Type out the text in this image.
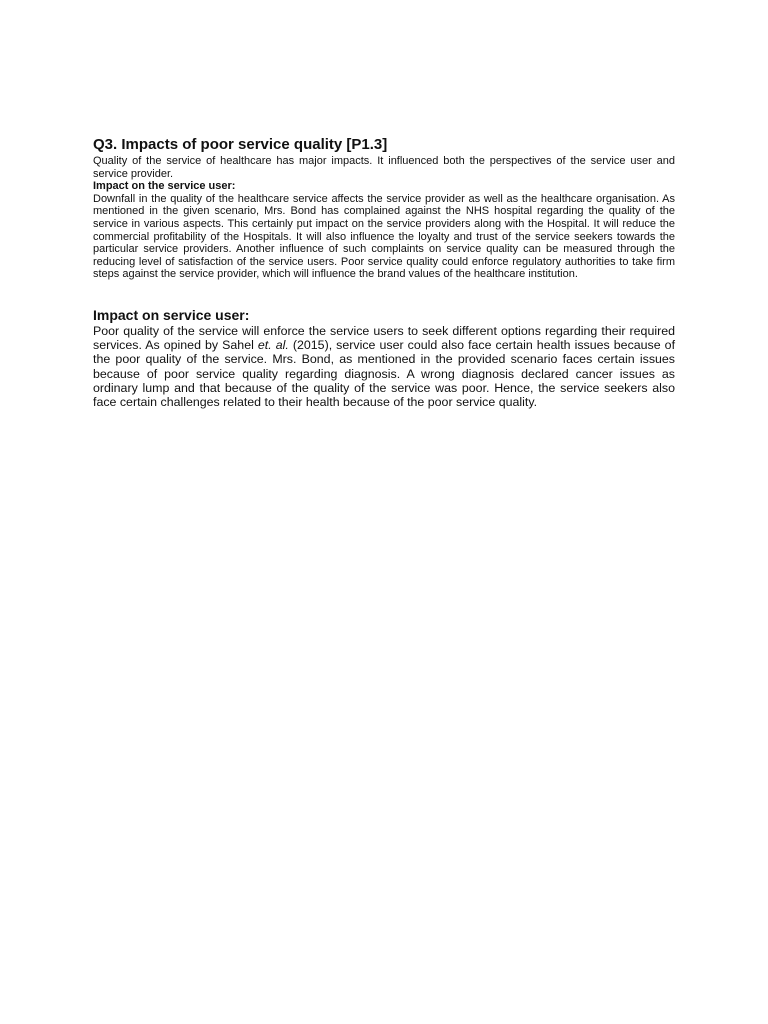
Q3. Impacts of poor service quality [P1.3]

Quality of the service of healthcare has major impacts. It influenced both the perspectives of the service user and service provider.

Impact on the service user:

Downfall in the quality of the healthcare service affects the service provider as well as the healthcare organisation. As mentioned in the given scenario, Mrs. Bond has complained against the NHS hospital regarding the quality of the service in various aspects. This certainly put impact on the service providers along with the Hospital. It will reduce the commercial profitability of the Hospitals. It will also influence the loyalty and trust of the service seekers towards the particular service providers. Another influence of such complaints on service quality can be measured through the reducing level of satisfaction of the service users. Poor service quality could enforce regulatory authorities to take firm steps against the service provider, which will influence the brand values of the healthcare institution.

Impact on service user:

Poor quality of the service will enforce the service users to seek different options regarding their required services. As opined by Sahel et. al. (2015), service user could also face certain health issues because of the poor quality of the service. Mrs. Bond, as mentioned in the provided scenario faces certain issues because of poor service quality regarding diagnosis. A wrong diagnosis declared cancer issues as ordinary lump and that because of the quality of the service was poor. Hence, the service seekers also face certain challenges related to their health because of the poor service quality.
